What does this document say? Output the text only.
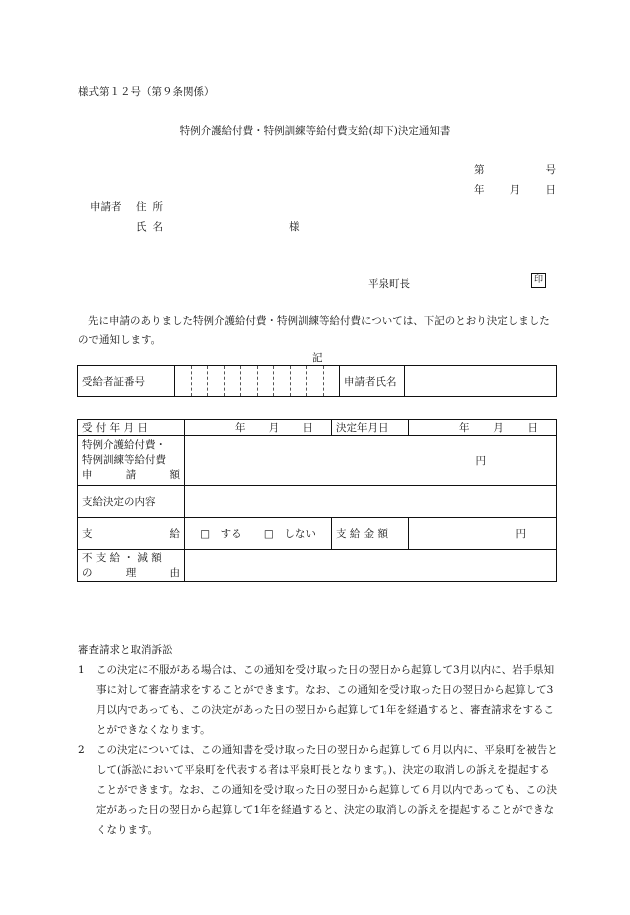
様式第１２号（第９条関係）
特例介護給付費・特例訓練等給付費支給(却下)決定通知書
第	号
年 月 日
申請者 住所
氏名	様
平泉町長	印

先に申請のありました特例介護給付費・特例訓練等給付費については、下記のとおり決定しましたので通知します。

記
受給者証番号		申請者氏名	
受 付 年 月 日	年 月 日	決定年月日	年 月 日

特例介護給付費・
特例訓練等給付費
申 請 額	円		
支給決定の内容			

支 給	□　する □　しない	支 給 金 額	円

不 支 給 ・ 減 額
の 理 由			

審査請求と取消訴訟
1	この決定に不服がある場合は、この通知を受け取った日の翌日から起算して3月以内に、岩手県知事に対して審査請求をすることができます。なお、この通知を受け取った日の翌日から起算して3月以内であっても、この決定があった日の翌日から起算して1年を経過すると、審査請求をすることができなくなります。
2	この決定については、この通知書を受け取った日の翌日から起算して６月以内に、平泉町を被告として(訴訟において平泉町を代表する者は平泉町長となります。)、決定の取消しの訴えを提起することができます。なお、この通知を受け取った日の翌日から起算して６月以内であっても、この決定があった日の翌日から起算して1年を経過すると、決定の取消しの訴えを提起することができなくなります。
